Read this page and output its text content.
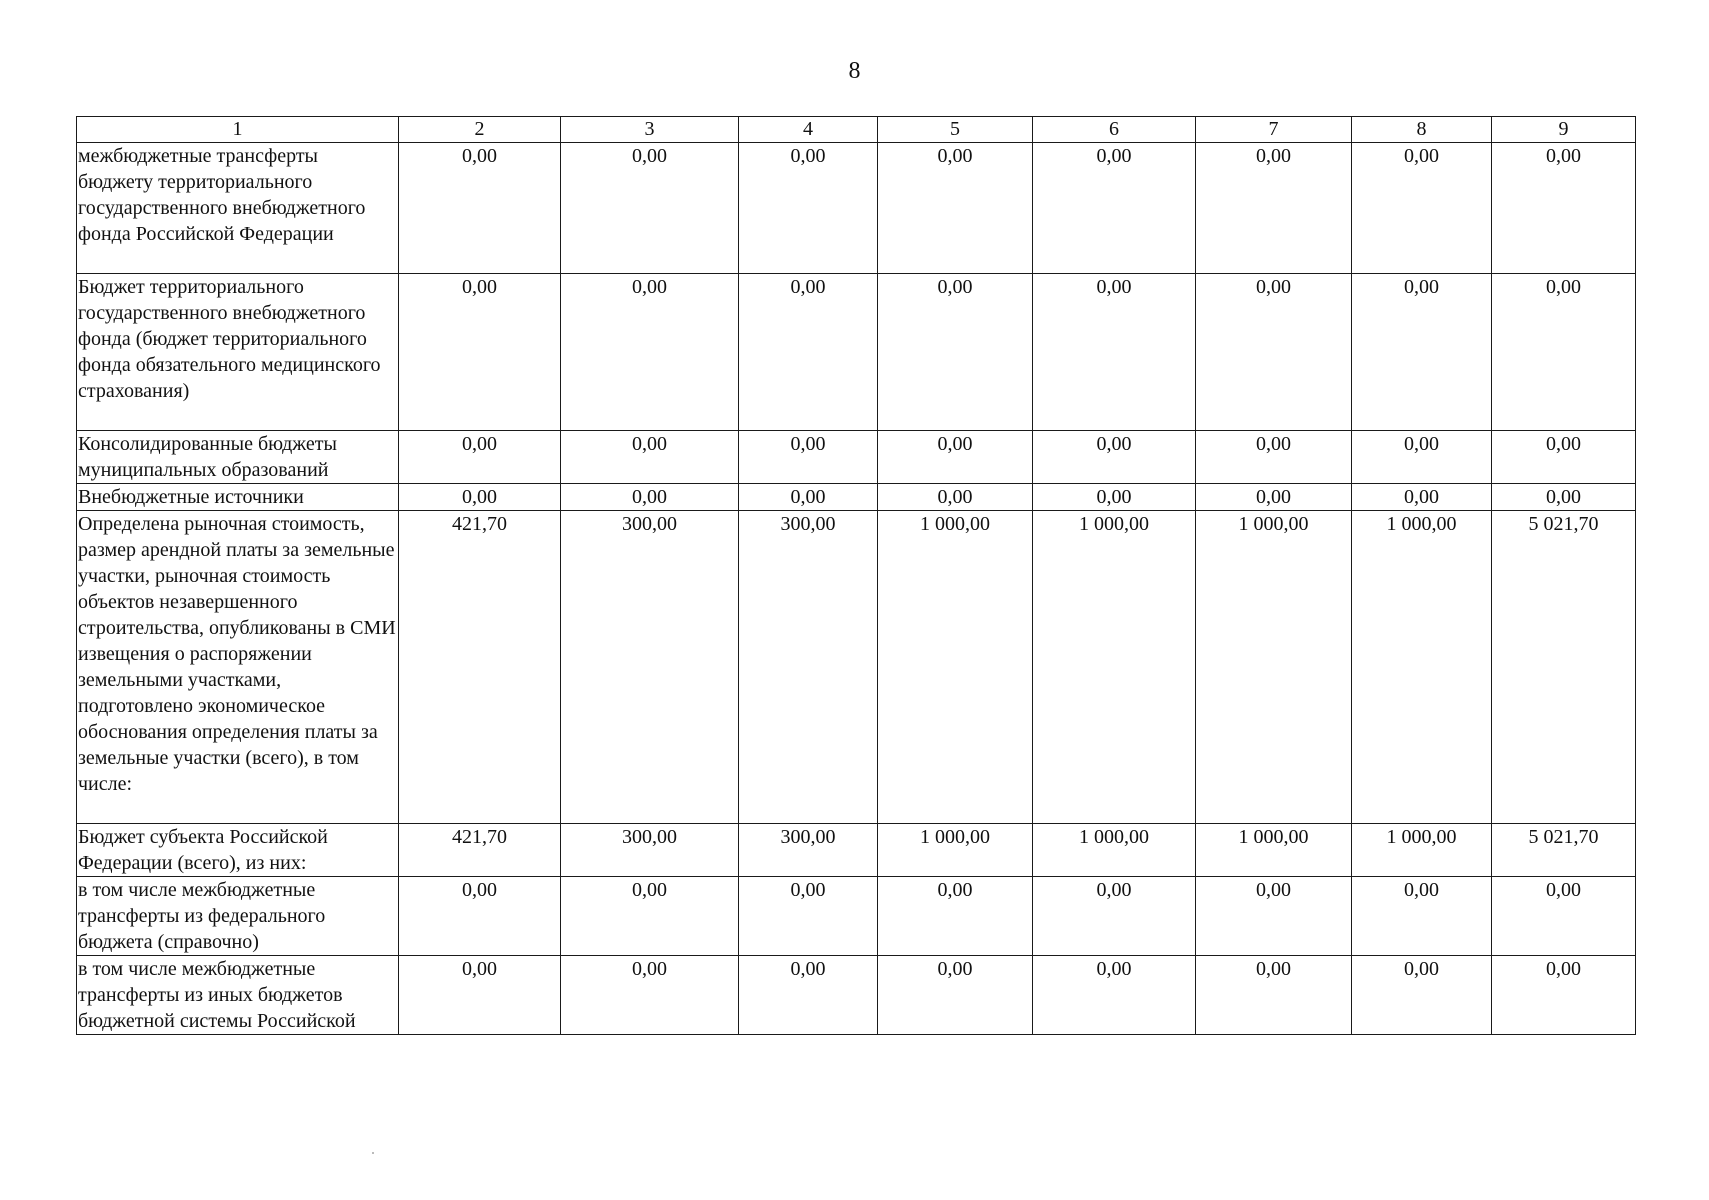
8
1	2	3	4	5	6	7	8	9
межбюджетные трансферты бюджету территориального государственного внебюджетного фонда Российской Федерации	0,00	0,00	0,00	0,00	0,00	0,00	0,00	0,00
Бюджет территориального государственного внебюджетного фонда (бюджет территориального фонда обязательного медицинского страхования)	0,00	0,00	0,00	0,00	0,00	0,00	0,00	0,00
Консолидированные бюджеты муниципальных образований	0,00	0,00	0,00	0,00	0,00	0,00	0,00	0,00
Внебюджетные источники	0,00	0,00	0,00	0,00	0,00	0,00	0,00	0,00
Определена рыночная стоимость, размер арендной платы за земельные участки, рыночная стоимость объектов незавершенного строительства, опубликованы в СМИ извещения о распоряжении земельными участками, подготовлено экономическое обоснования определения платы за земельные участки (всего), в том числе:	421,70	300,00	300,00	1 000,00	1 000,00	1 000,00	1 000,00	5 021,70
Бюджет субъекта Российской Федерации (всего), из них:	421,70	300,00	300,00	1 000,00	1 000,00	1 000,00	1 000,00	5 021,70
в том числе межбюджетные трансферты из федерального бюджета (справочно)	0,00	0,00	0,00	0,00	0,00	0,00	0,00	0,00
в том числе межбюджетные трансферты из иных бюджетов бюджетной системы Российской	0,00	0,00	0,00	0,00	0,00	0,00	0,00	0,00
